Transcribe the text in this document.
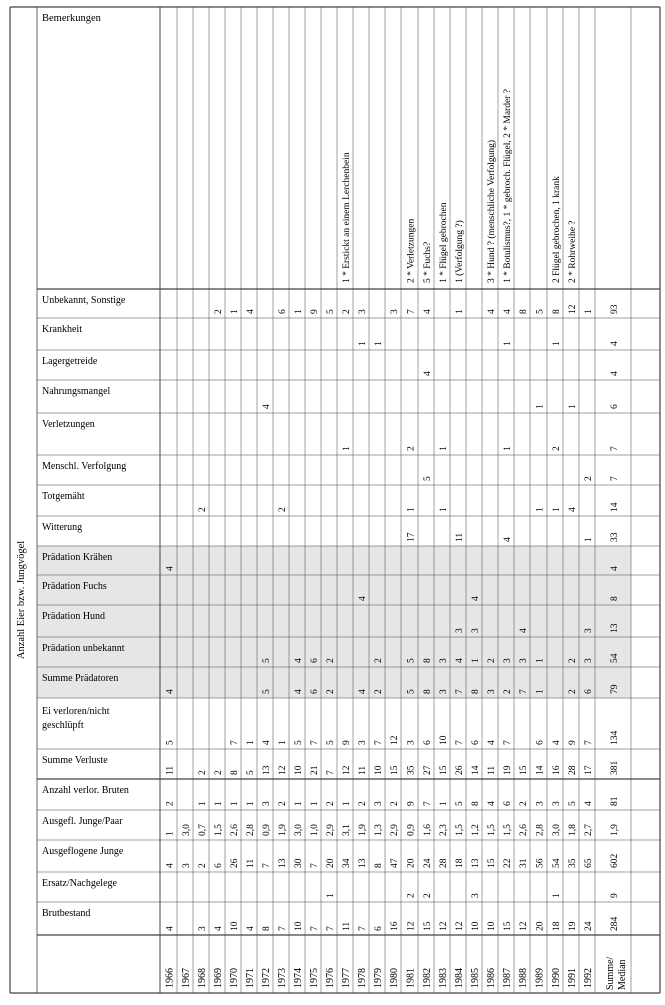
Anzahl Eier bzw. Jungvögel
Bemerkungen
Unbekannt, Sonstige
Krankheit
Lagergetreide
Nahrungsmangel
Verletzungen
Menschl. Verfolgung
Totgemäht
Witterung
Prädation Krähen
Prädation Fuchs
Prädation Hund
Prädation unbekannt
Summe Prädatoren
Ei verloren/nicht
geschlüpft
Summe Verluste
Anzahl verlor. Bruten
Ausgefl. Junge/Paar
Ausgeflogene Junge
Ersatz/Nachgelege
Brutbestand
1966 1967 1968 1969 1970 1971 1972 1973 1974 1975 1976 1977 1978 1979 1980 1981 1982 1983 1984 1985 1986 1987 1988 1989 1990 1991 1992 Summe/ Median
1 * Erstickt an einem Lerchenbein	2 * Verletzungen 5 * Fuchs? 1 * Flügel gebrochen 1 (Verfolgung ?) 3 * Hund ? (menschliche Verfolgung) 1 * Botulismus?, 1 * gebroch. Flügel, 2 * Marder ?	2 Flügel gebrochen, 1 krank 2 * Rohrweihe ?
4
4
5
11
2
1
4
4
3,0
3
2
2
1
0,7
2
3
2
2
1
1,5
6
4
1
7
8
1
2,6
26
10
4
1
5
1
2,8
11
4
4
5
5
4
13
3
0,9
7
8
6
2
1
12
2
1,9
13
7
1
4
4
5
10
1
3,0
30
10
9
6
6
7
21
1
1,0
7
7
5
2
2
5
7
2
2,9
20
1
7
2
1
9
12
1
3,1
34
11
3
1
4
4
3
11
2
1,9
13
7
1
2
2
7
10
3
1,3
8
6
3
12
15
2
2,9
47
16
7
2
1
17
5
5
3
35
9
0,9
20
2
12
4
4
5
8
8
6
27
7
1,6
24
2
15
1
1
3
3
10
15
1
2,3
28
12
1
11
3
4
7
7
26
5
1,5
18
12
4
3
1
8
6
14
8
1,2
13
3
10
4
2
3
4
11
4
1,5
15
10
4
1
1
4
3
2
7
19
6
1,5
22
15
8
4
3
7
15
2
2,6
31
12
5
1
1
1
1
6
14
3
2,8
56
20
8
1
2
1
4
16
3
3,0
54
1
18
12
1
4
2
2
9
28
5
1,8
35
19
1
2
1
3
3
6
7
17
4
2,7
65
24
93
4
4
6
7
7
14
33
4
8
13
54
79
134
381
81
1,9
602
9
284
